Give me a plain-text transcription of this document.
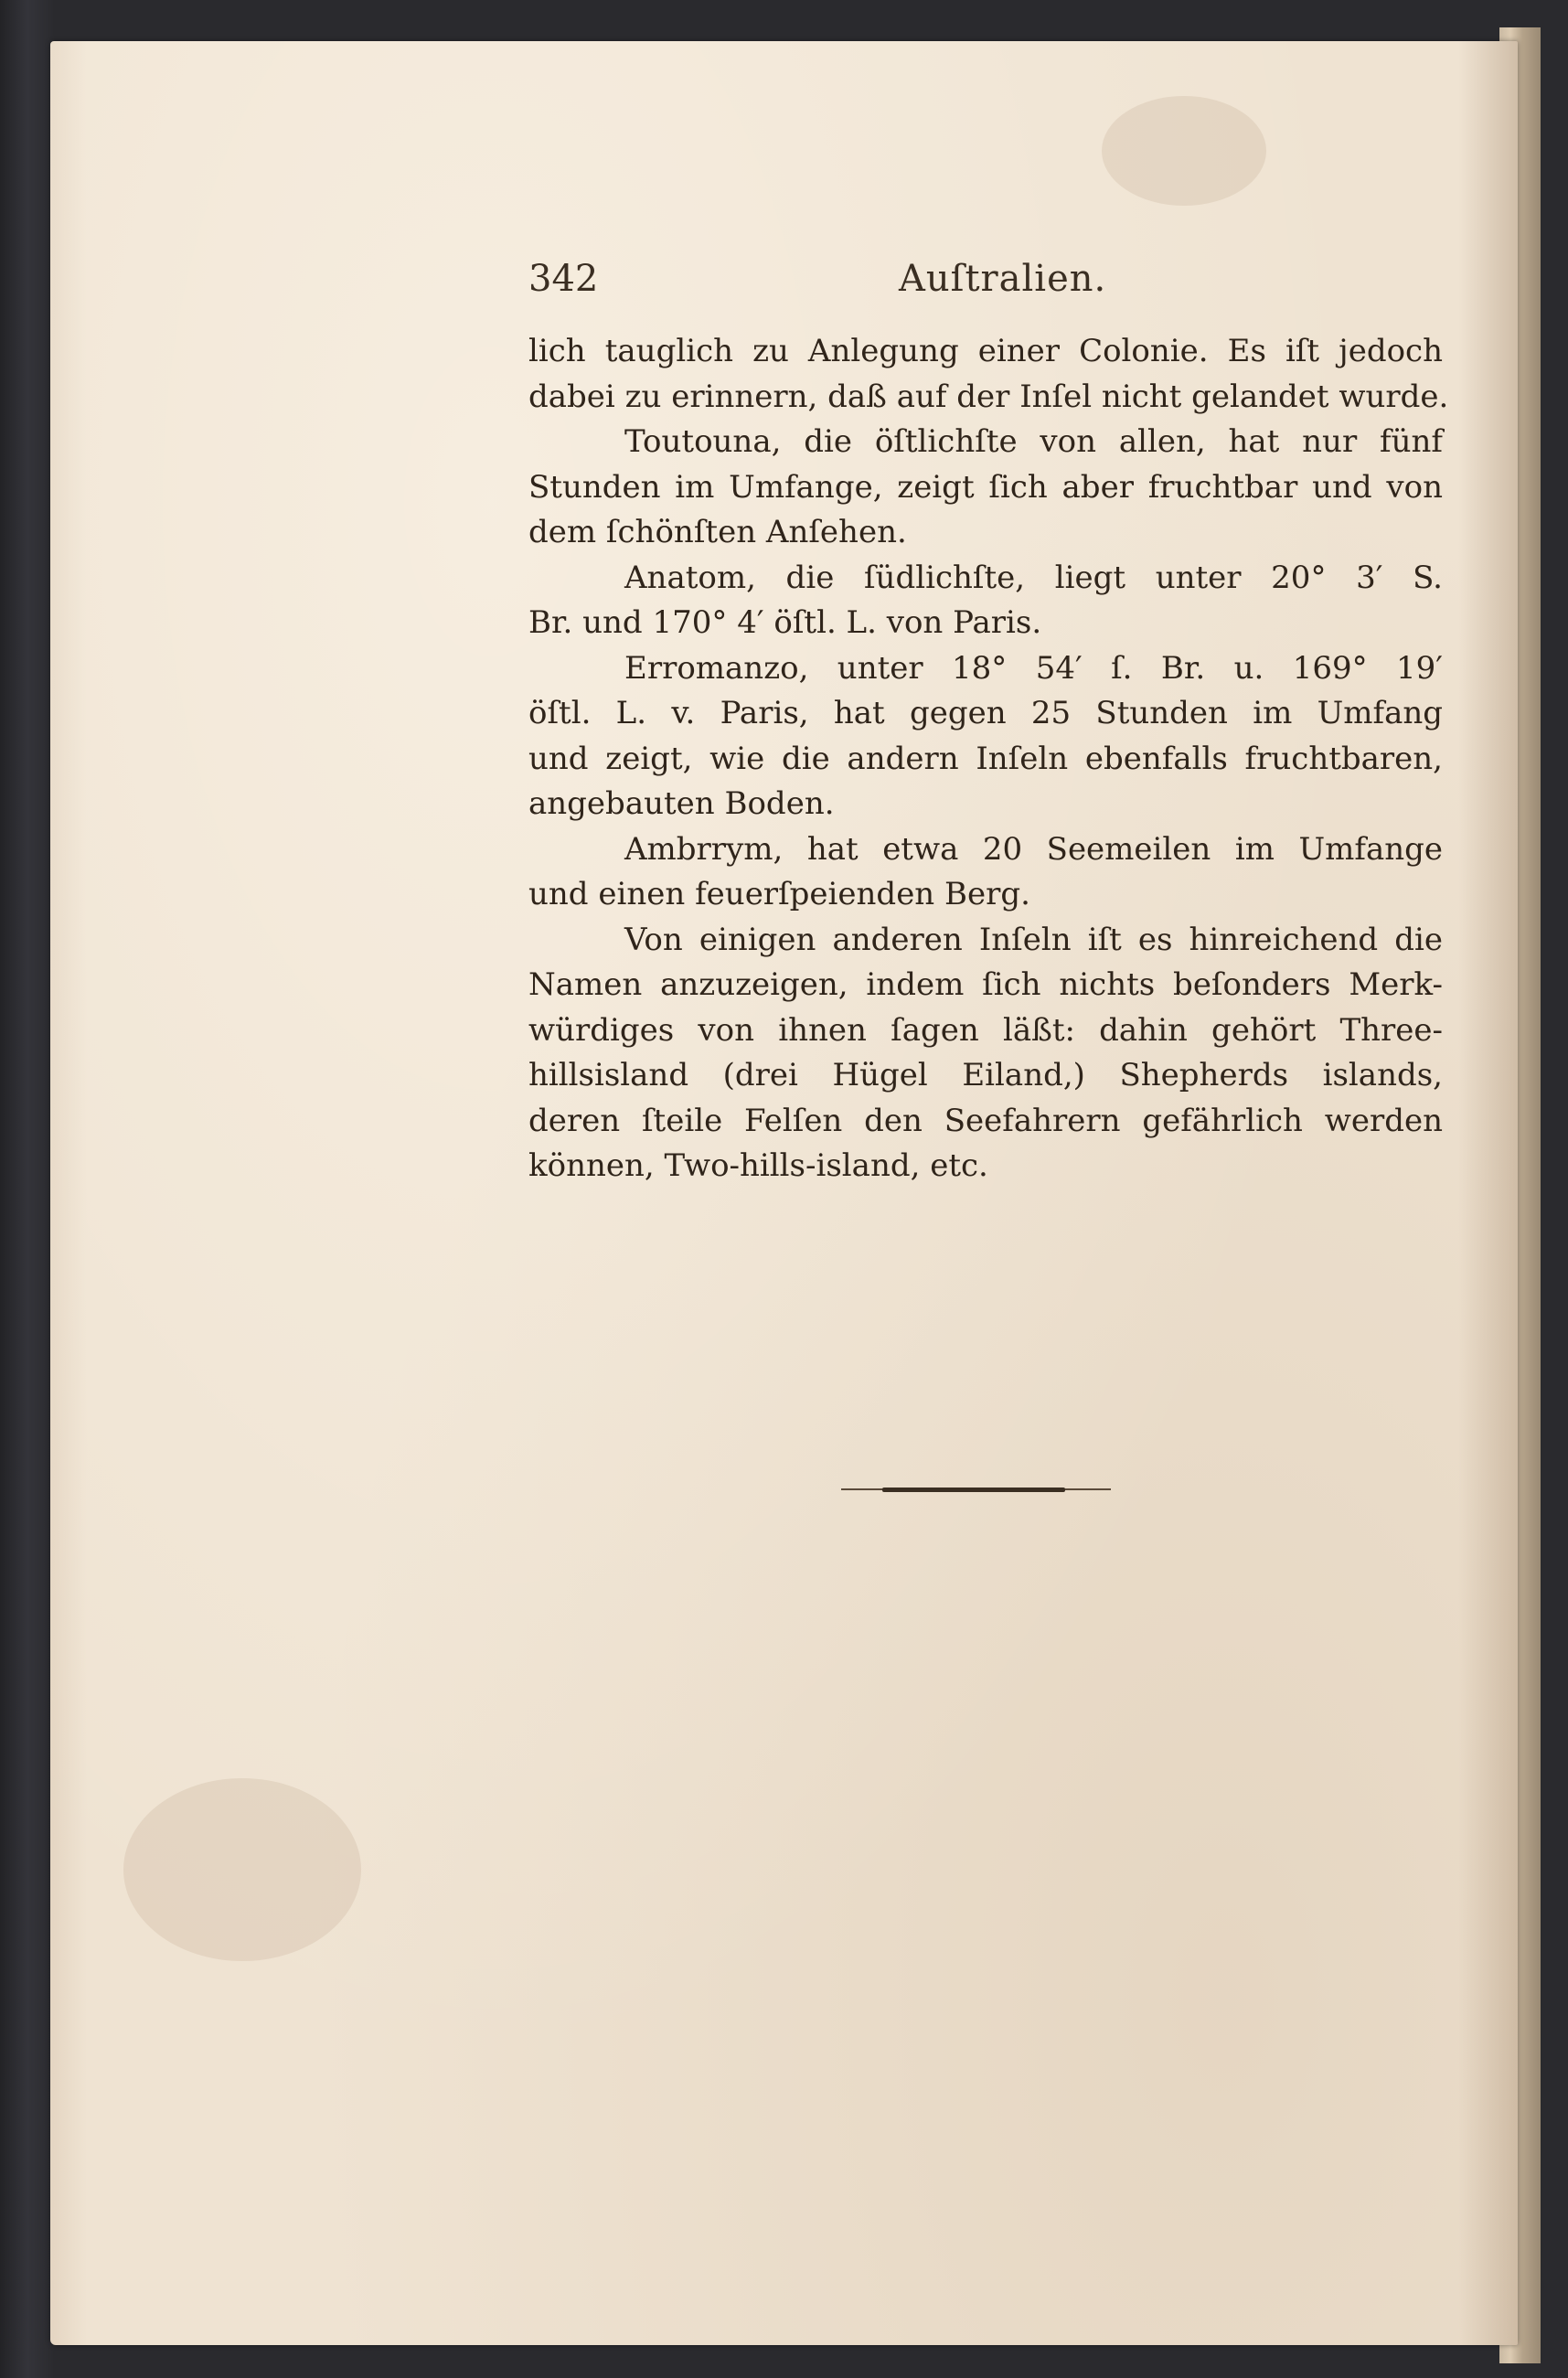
342	Auſtralien.
lich tauglich zu Anlegung einer Colonie. Es iſt jedoch
dabei zu erinnern, daß auf der Inſel nicht gelandet wurde.
Toutouna, die öſtlichſte von allen, hat nur fünf
Stunden im Umfange, zeigt ſich aber fruchtbar und von
dem ſchönſten Anſehen.
Anatom, die ſüdlichſte, liegt unter 20° 3′ S.
Br. und 170° 4′ öſtl. L. von Paris.
Erromanzo, unter 18° 54′ ſ. Br. u. 169° 19′
öſtl. L. v. Paris, hat gegen 25 Stunden im Umfang
und zeigt, wie die andern Inſeln ebenfalls fruchtbaren,
angebauten Boden.
Ambrrym, hat etwa 20 Seemeilen im Umfange
und einen feuerſpeienden Berg.
Von einigen anderen Inſeln iſt es hinreichend die
Namen anzuzeigen, indem ſich nichts beſonders Merk-
würdiges von ihnen ſagen läßt: dahin gehört Three-
hillsisland (drei Hügel Eiland,) Shepherds islands,
deren ſteile Felſen den Seefahrern gefährlich werden
können, Two-hills-island, etc.
